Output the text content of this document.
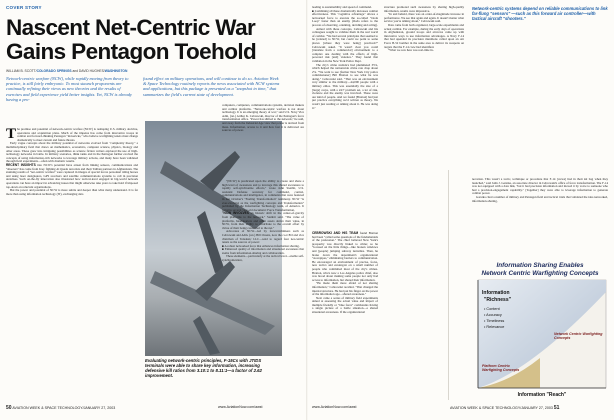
COVER STORY
Nascent Net-Centric War
Gains Pentagon Toehold
WILLIAM B. SCOTT/COLORADO SPRINGS and DAVID HUGHES/WASHINGTON
Network-centric warfare (NCW), while rapidly moving from theory to practice, is still fairly embryonic. To most staunch proponents are continually refining their views as new theories and the results of exercises and field experience yield better insights. Yet, NCW is already having a pro-
found effect on military operations, and will continue to do so. Aviation Week & Space Technology routinely reports the news associated with NCW systems and applications, but this package is presented as a "snapshot in time," that summarizes the field's current state of development.
The promise and potential of network-centric warfare (NCW) is reshaping U.S. military doctrine, operations and acquisition plans. Much of the impetus has come from innovative troops in combat and forward-thinking Pentagon "mavericks," who believe warfighting tenets must change dramatically to meet current and future threats.
Early vague concepts about the military potential of networks evolved from "complexity theory," a multidisciplinary field that draws on mathematics, economics, computer science, physics, biology and other areas. These grew into intriguing possibilities as science fiction writers explored the use of high-technology networks in battle. In military scenarios, think tanks and in the Pentagon further evolved the concepts of using information-rich networks to leverage military actions, and many have been validated through field experiments—often with dramatic results.
RECENT INSIGHTS into NCW's potential have arisen from linking sensors, communications and "shooters" has come from Iraq: fighting Al Qaeda terrorists and their Taliban partners in Afghanistan. The stunning results of "net-centric warfare" were captured in images of special forces personnel riding horses and using laser designators, GPS receivers and satellite communications systems to call in precision airstrikes. Such on-the-fly innovation also illustrated how tactical-level engaged in big-world network operations can have an impact in advancing issues that might otherwise take years to take hold if imposed top-down on reluctant organizations.
But the power and potential of NCW is more subtle and deeper than what many understand. It is far more than using information technology (IT), exchanging data
Evaluating network-centric principles, F-15Cs with JTIDS terminals were able to share key information, increasing defensive kill ratios from 3.10:1 to 8.11:1—a factor of 2.62 improvement.
computers, computers, communications systems, decision makers and combat platforms. "Network-centric warfare is not about technology. It is an emerging theory of war," said U.S. Navy Vice Adm. (ret.) Arthur K. Cebrowski, director of the Pentagon's force transformation office. "Power has shifted to the network," he said, and away from the Industrial Age view that power is derived from mass. Information, access to it and how fast it is delivered are sources of power.
"[NCW] is predicated upon the ability to create and share a high level of awareness and to leverage this shared awareness to rapidly self-synchronize effects," wrote John Stenbit, U.S. assistant Defense secretary for command, control, communications and intelligence, in comments that were featured in last October's "Fueling Transformation" testimony. NCW "is ever-evolving as the warfighting concepts and Transformation" published by the Information Technology team, of America. It remains several-year-old document: Force Transformation.
"NCW INVOLVES an historic shift in the center-of-gravity from platforms to the network," Stenbit said. "The value of platforms, headquarters and other assets derive their value, in NCW, from their ability to contribute to the overall effort by virtue of their being connected to the net."
Advocates of NCW—led by forward-thinkers such as Cebrowski and Adm. (ret.) Bill Owens, now the co-CEO and vice chairman of Teledesic LLC—tend to regard four net-centric tenets as the sources of power:
■ A robust networked force that enhances information sharing.
■ Enhanced quality of information and situational awareness that stems from information-sharing and collaboration.
These elements—particularly at the tactical level—enable self-synchronization,
leading to sustainability and speed of command.
■ Combining all these dramatically increases combat effectiveness. This "cognitive advantage" allows a networked force to execute the so-called "Ooda Loop" faster than an enemy (Ooda refers to the process of observing, orienting, deciding and acting).
Armed with these concepts, Cebrowski and his colleagues sought to validate them in the real world of combat. "We had several principles that seemed to be [related] to NCW, but could we point to some places [where they were being] practiced?" Cebrowski asked. "It wasn't clear you could [translate from a commercial] environment to a complex one dealing with the effects of high-powered risk [and] violence." They found that validation in the New York Police Dept.
The city's crime statistics had plummeted 35%, which helped the nationwide crime rate drop about 2%. "We went to see [former New York City police commissioner] Bill Bratton to see what he was doing," Cebrowski said. "That was an environment very similar to the military—44,000 people with a military ethos. This was essentially the size of a [large] corps, with a 24/7 problem set, a lot of risk, violence and the enemy was involved. These were our kind of people. And we found [Bratton] had just put practice everything we'd written as theory. We wasn't just reading or talking about it. He was doing it."
CEBROWSKI AND HIS TEAM found Bratton had been "called some questions of the fundamentals of the profession." The chief believed New York's prosperity was directly linked to crime; so he "focused on the little things—like broken windows and [people] jumping subway turnstiles. Then, he broke down the department's organizational "stovepipes," eliminating barriers to communication. He encouraged an environment of precise, focus, new tactics and zeroing-in on a small number of people who committed most of the city's crimes. Bratton, who's now a Los Angeles police chief, also was broad about making some people not only had access to information, but shared their information.
"He made them more afraid of not sharing information," Cebrowski recalled. "That changed the internal structure. He had put his finger on the power of the information age—shared awareness."
Next came a series of military field experiments aimed at assessing the actual value and impact of multiple friendly or "blue force" combatants having a single picture of a battle situation—a shared situational awareness. If the organizational
structure promoted such awareness by sharing high-quality information, results were impressive.
"In and behold, there was an order-of-magnitude increase in performance. We see that again and again. It doesn't matter what service you're talking about," Cebrowski said.
Data came from both organized, large-scale experiments and actual combat. For example, during the early days of operations in Afghanistan, ground troops and aircrews came up with innovative ways to use information advantages. A Navy F-14 that had upended its precision munitions called upon an Air Force B-52 bomber in the same area to deliver its weapons on targets that the F-14 crew had identified.
"What we saw here was real-time in-
Network-centric systems depend on reliable communications to link far-flung "sensors" —such as this forward air controller—with tactical aircraft "shooters."
novation. This wasn't a tactic, technique or procedure that F-14 [crews] had in their kit bag when they launched," said John J. Garstka, an associate director in Cebrowski's office of force transformation. The F-14 was not equipped with a data link, "but it had precision information and moved it by voice to someone who had a precision-engagement capability." [Together] they were able to leverage information to generate combat power.
Garstka cited a number of military and Pentagon field and tactical trials that validated the idea networked, information-sharing,
Information Sharing Enables
Network Centric Warfighting Concepts
Information
"Richness"
• Content
• Accuracy
• Timeliness
• Relevance
Platform Centric Warfighting Concepts
Network Centric Warfighting Concepts
Information "Reach"
50 AVIATION WEEK & SPACE TECHNOLOGY/JANUARY 27, 2003	www.AviationNow.com/awst	www.AviationNow.com/awst	AVIATION WEEK & SPACE TECHNOLOGY/JANUARY 27, 2003 51
